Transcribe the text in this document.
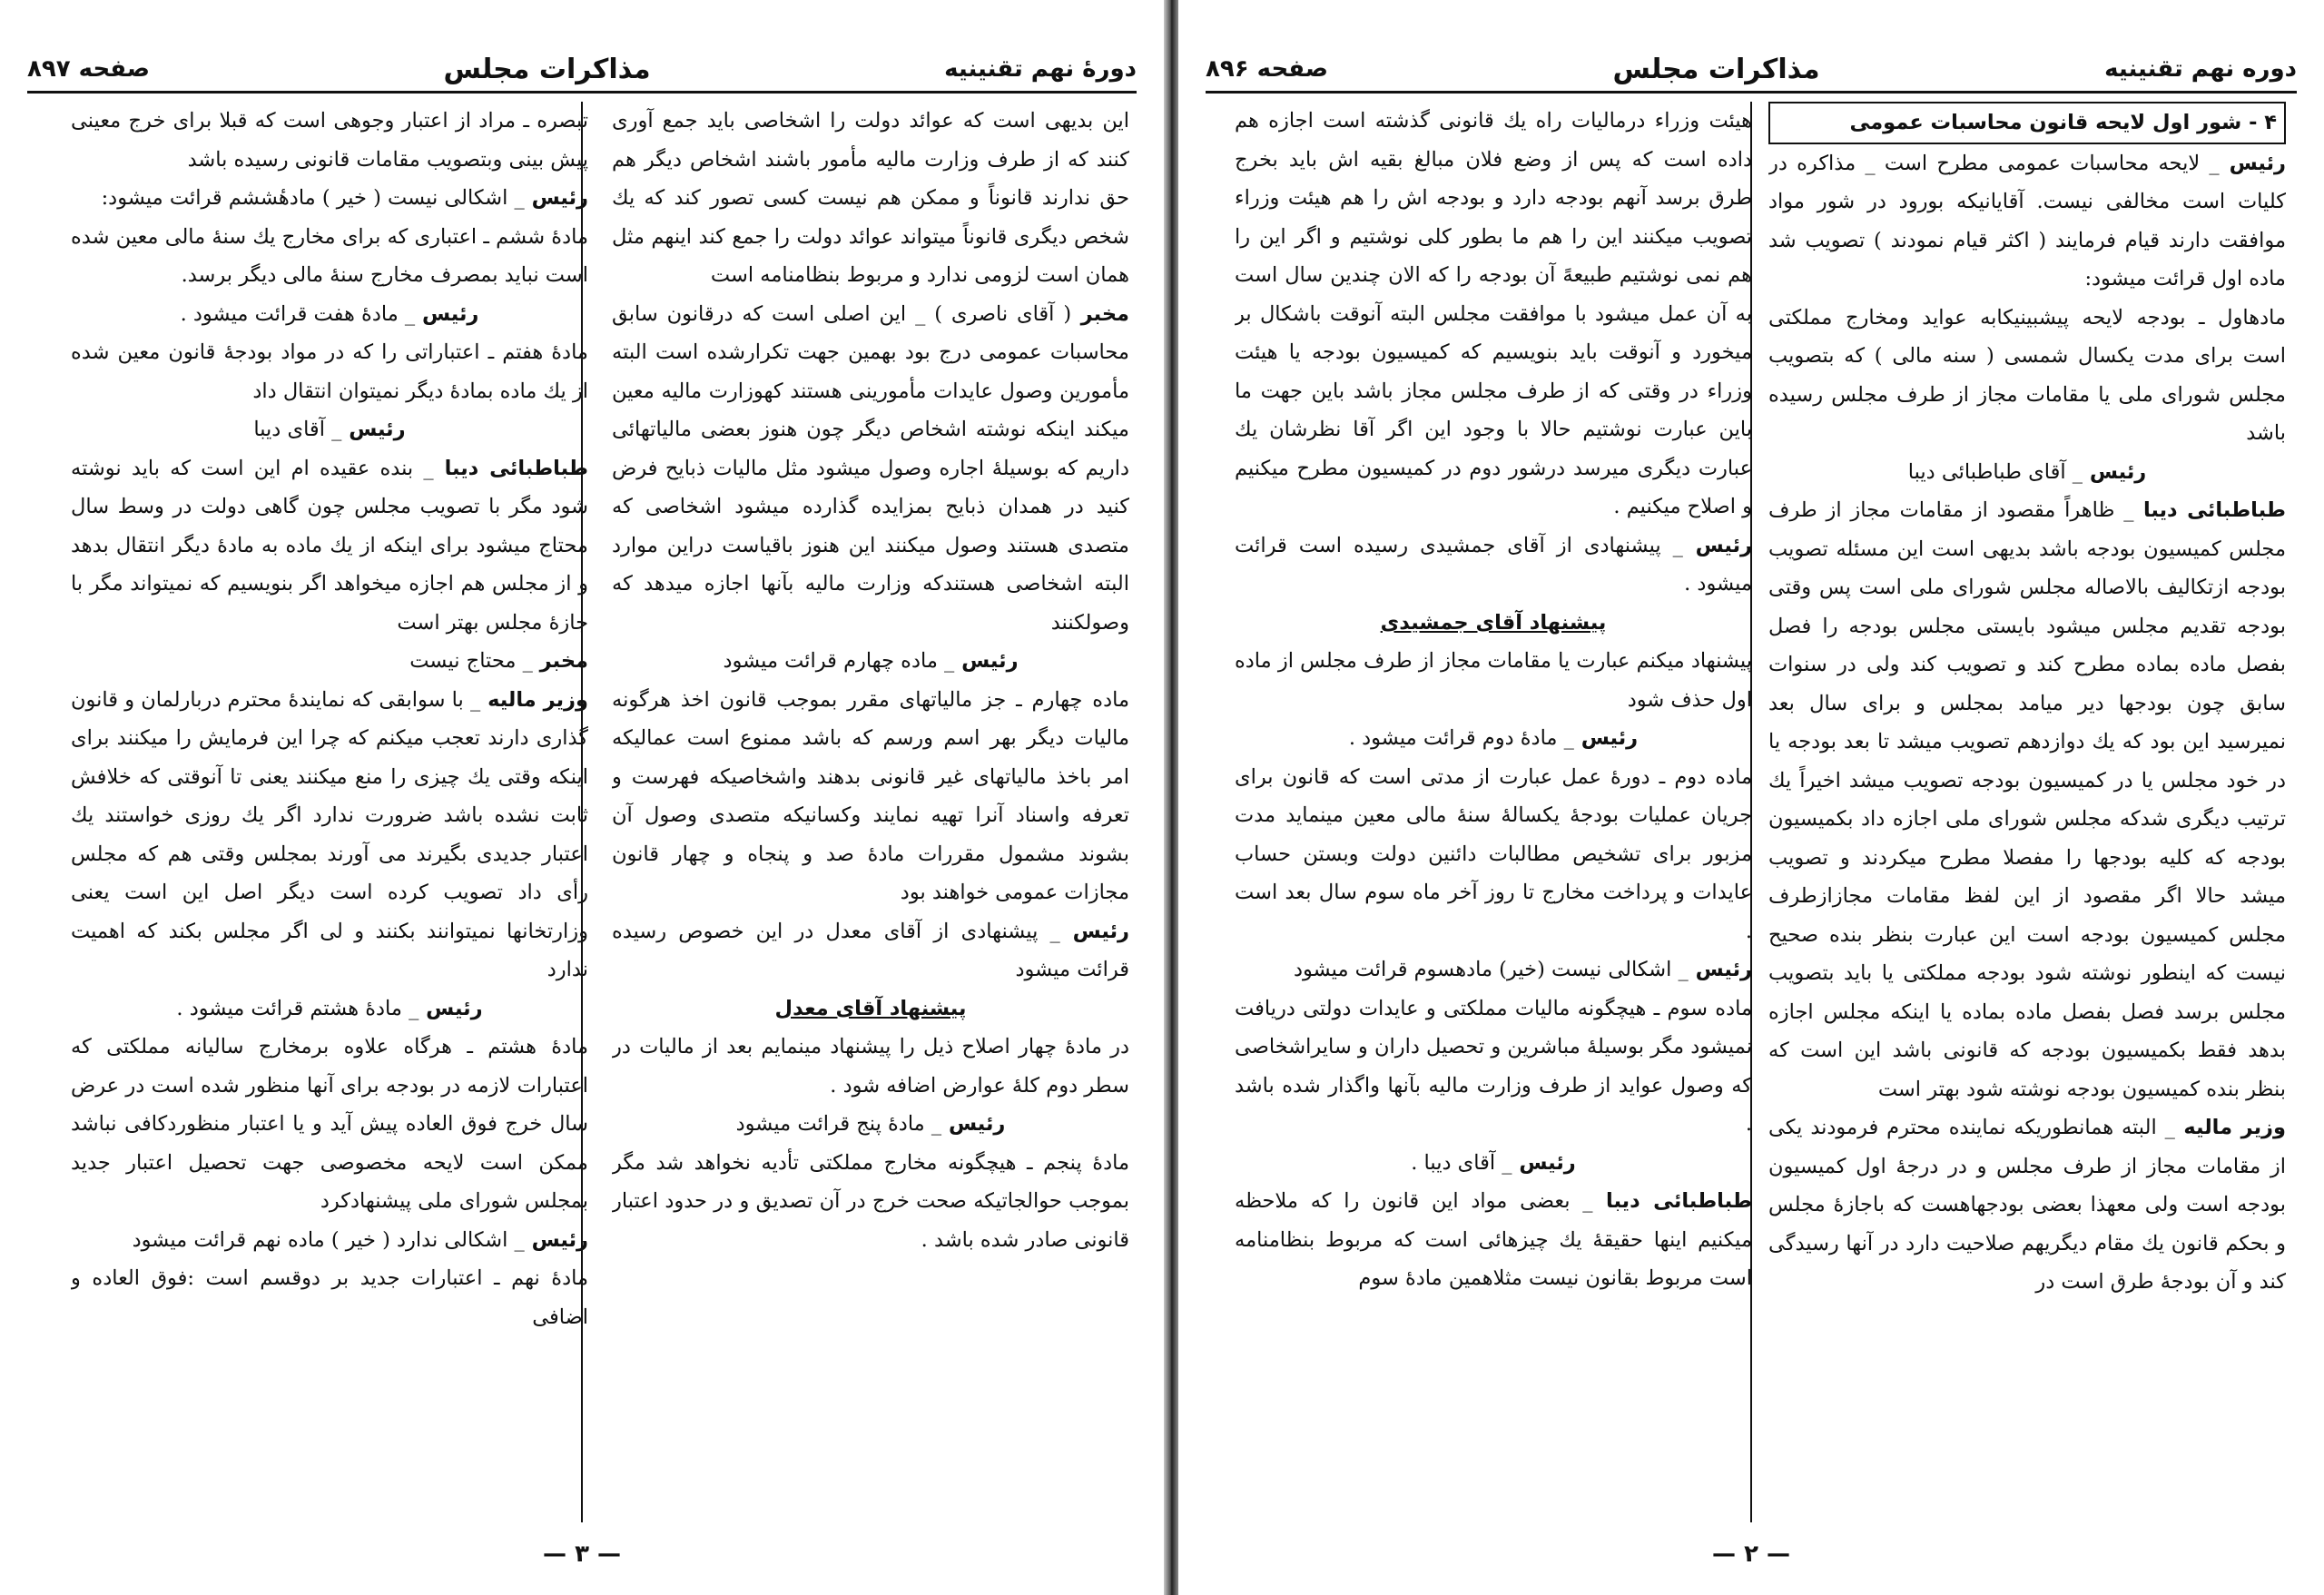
دوره نهم تقنینیه
مذاکرات مجلس
صفحه ۸۹۶

۴ - شور اول لایحه قانون محاسبات عمومی

رئیس _ لایحه محاسبات عمومی مطرح است _ مذاکره در کلیات است مخالفی نیست. آقایانیکه بورود در شور مواد موافقت دارند قیام فرمایند ( اکثر قیام نمودند ) تصویب شد ماده اول قرائت میشود:

مادهاول ـ بودجه لایحه پیشبینیکابه عواید ومخارج مملکتی است برای مدت یکسال شمسی ( سنه مالی ) که بتصویب مجلس شورای ملی یا مقامات مجاز از طرف مجلس رسیده باشد

رئیس _ آقای طباطبائی دیبا

طباطبائی دیبا _ ظاهراً مقصود از مقامات مجاز از طرف مجلس کمیسیون بودجه باشد بدیهی است این مسئله تصویب بودجه ازتکالیف بالاصاله مجلس شورای ملی است پس وقتی بودجه تقدیم مجلس میشود بایستی مجلس بودجه را فصل بفصل ماده بماده مطرح کند و تصویب کند ولی در سنوات سابق چون بودجها دیر میامد بمجلس و برای سال بعد نمیرسید این بود که یك دوازدهم تصویب میشد تا بعد بودجه یا در خود مجلس یا در کمیسیون بودجه تصویب میشد اخیراً یك ترتیب دیگری شدکه مجلس شورای ملی اجازه داد بکمیسیون بودجه که کلیه بودجها را مفصلا مطرح میکردند و تصویب میشد حالا اگر مقصود از این لفظ مقامات مجازازطرف مجلس کمیسیون بودجه است این عبارت بنظر بنده صحیح نیست که اینطور نوشته شود بودجه مملکتی یا باید بتصویب مجلس برسد فصل بفصل ماده بماده یا اینکه مجلس اجازه بدهد فقط بکمیسیون بودجه که قانونی باشد این است که بنظر بنده کمیسیون بودجه نوشته شود بهتر است

وزیر مالیه _ البته همانطوریکه نماینده محترم فرمودند یکی از مقامات مجاز از طرف مجلس و در درجهٔ اول کمیسیون بودجه است ولی معهذا بعضی بودجهاهست که باجازهٔ مجلس و بحکم قانون یك مقام دیگریهم صلاحیت دارد در آنها رسیدگی کند و آن بودجهٔ طرق است در

هیئت وزراء درمالیات راه یك قانونی گذشته است اجازه هم داده است که پس از وضع فلان مبالغ بقیه اش باید بخرج طرق برسد آنهم بودجه دارد و بودجه اش را هم هیئت وزراء تصویب میکنند این را هم ما بطور کلی نوشتیم و اگر این را هم نمی نوشتیم طبیعهً آن بودجه را که الان چندین سال است به آن عمل میشود با موافقت مجلس البته آنوقت باشکال بر میخورد و آنوقت باید بنویسیم که کمیسیون بودجه یا هیئت وزراء در وقتی که از طرف مجلس مجاز باشد باین جهت ما باین عبارت نوشتیم حالا با وجود این اگر آقا نظرشان یك عبارت دیگری میرسد درشور دوم در کمیسیون مطرح میکنیم و اصلاح میکنیم .

رئیس _ پیشنهادی از آقای جمشیدی رسیده است قرائت میشود .

پیشنهاد آقای جمشیدی

پیشنهاد میکنم عبارت یا مقامات مجاز از طرف مجلس از ماده اول حذف شود

رئیس _ مادهٔ دوم قرائت میشود .

ماده دوم ـ دورهٔ عمل عبارت از مدتی است که قانون برای جریان عملیات بودجهٔ یکسالهٔ سنهٔ مالی معین مینماید مدت مزبور برای تشخیص مطالبات دائنین دولت وبستن حساب عایدات و پرداخت مخارج تا روز آخر ماه سوم سال بعد است .

رئیس _ اشکالی نیست (خیر) مادهسوم قرائت میشود

ماده سوم ـ هیچگونه مالیات مملکتی و عایدات دولتی دریافت نمیشود مگر بوسیلهٔ مباشرین و تحصیل داران و سایراشخاصی که وصول عواید از طرف وزارت مالیه بآنها واگذار شده باشد .

رئیس _ آقای دیبا .

طباطبائی دیبا _ بعضی مواد این قانون را که ملاحظه میکنیم اینها حقیقهٔ یك چیزهائی است که مربوط بنظامنامه است مربوط بقانون نیست مثلاهمین مادهٔ سوم

— ۲ —
دورهٔ نهم تقنینیه
مذاکرات مجلس
صفحه ۸۹۷

این بدیهی است که عوائد دولت را اشخاصی باید جمع آوری کنند که از طرف وزارت مالیه مأمور باشند اشخاص دیگر هم حق ندارند قانوناً و ممکن هم نیست کسی تصور کند که یك شخص دیگری قانوناً میتواند عوائد دولت را جمع کند اینهم مثل همان است لزومی ندارد و مربوط بنظامنامه است

مخبر ( آقای ناصری ) _ این اصلی است که درقانون سابق محاسبات عمومی درج بود بهمین جهت تکرارشده است البته مأمورین وصول عایدات مأمورینی هستند کهوزارت مالیه معین میکند اینکه نوشته اشخاص دیگر چون هنوز بعضی مالیاتهائی داریم که بوسیلهٔ اجاره وصول میشود مثل مالیات ذبایح فرض کنید در همدان ذبایح بمزایده گذارده میشود اشخاصی که متصدی هستند وصول میکنند این هنوز باقیاست دراین موارد البته اشخاصی هستندکه وزارت مالیه بآنها اجازه میدهد که وصولکنند

رئیس _ ماده چهارم قرائت میشود

ماده چهارم ـ جز مالیاتهای مقرر بموجب قانون اخذ هرگونه مالیات دیگر بهر اسم ورسم که باشد ممنوع است عمالیکه امر باخذ مالیاتهای غیر قانونی بدهند واشخاصیکه فهرست و تعرفه واسناد آنرا تهیه نمایند وکسانیکه متصدی وصول آن بشوند مشمول مقررات مادهٔ صد و پنجاه و چهار قانون مجازات عمومی خواهند بود

رئیس _ پیشنهادی از آقای معدل در این خصوص رسیده قرائت میشود

پیشنهاد آقای معدل

در مادهٔ چهار اصلاح ذیل را پیشنهاد مینمایم بعد از مالیات در سطر دوم کلهٔ عوارض اضافه شود .

رئیس _ مادهٔ پنج قرائت میشود

مادهٔ پنجم ـ هیچگونه مخارج مملکتی تأدیه نخواهد شد مگر بموجب حوالجاتیکه صحت خرج در آن تصدیق و در حدود اعتبار قانونی صادر شده باشد .

تبصره ـ مراد از اعتبار وجوهی است که قبلا برای خرج معینی پیش بینی وبتصویب مقامات قانونی رسیده باشد

رئیس _ اشکالی نیست ( خیر ) مادهٔششم قرائت میشود:

مادهٔ ششم ـ اعتباری که برای مخارج یك سنهٔ مالی معین شده است نباید بمصرف مخارج سنهٔ مالی دیگر برسد.

رئیس _ مادهٔ هفت قرائت میشود .

مادهٔ هفتم ـ اعتباراتی را که در مواد بودجهٔ قانون معین شده از یك ماده بمادهٔ دیگر نمیتوان انتقال داد

رئیس _ آقای دیبا

طباطبائی دیبا _ بنده عقیده ام این است که باید نوشته شود مگر با تصویب مجلس چون گاهی دولت در وسط سال محتاج میشود برای اینکه از یك ماده به مادهٔ دیگر انتقال بدهد و از مجلس هم اجازه میخواهد اگر بنویسیم که نمیتواند مگر با جازهٔ مجلس بهتر است

مخبر _ محتاج نیست

وزیر مالیه _ با سوابقی که نمایندهٔ محترم دربارلمان و قانون گذاری دارند تعجب میکنم که چرا این فرمایش را میکنند برای اینکه وقتی یك چیزی را منع میکنند یعنی تا آنوقتی که خلافش ثابت نشده باشد ضرورت ندارد اگر یك روزی خواستند یك اعتبار جدیدی بگیرند می آورند بمجلس وقتی هم که مجلس رأی داد تصویب کرده است دیگر اصل این است یعنی وزارتخانها نمیتوانند بکنند و لی اگر مجلس بکند که اهمیت ندارد

رئیس _ مادهٔ هشتم قرائت میشود .

مادهٔ هشتم ـ هرگاه علاوه برمخارج سالیانه مملکتی که اعتبارات لازمه در بودجه برای آنها منظور شده است در عرض سال خرج فوق العاده پیش آید و یا اعتبار منظوردکافی نباشد ممکن است لایحه مخصوصی جهت تحصیل اعتبار جدید بمجلس شورای ملی پیشنهادکرد

رئیس _ اشکالی ندارد ( خیر ) ماده نهم قرائت میشود

مادهٔ نهم ـ اعتبارات جدید بر دوقسم است :فوق العاده و اضافی

— ۳ —
